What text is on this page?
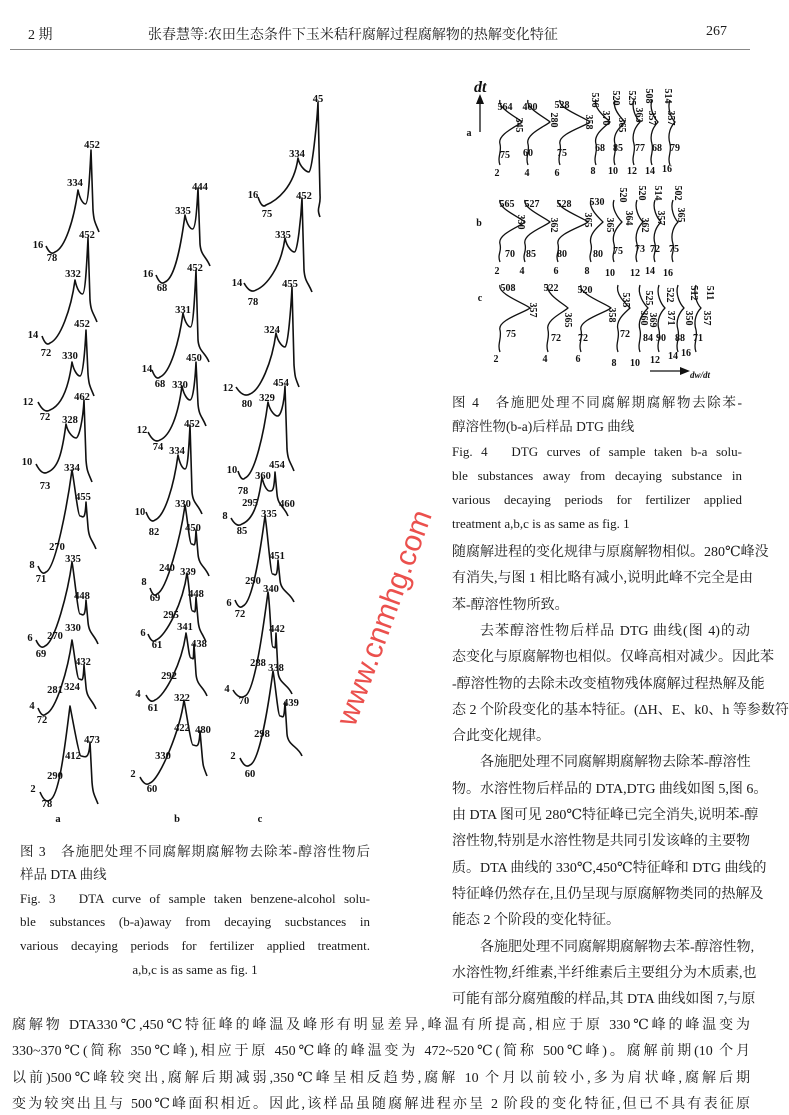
2 期	张春慧等:农田生态条件下玉米秸秆腐解过程腐解物的热解变化特征	267
452
334
16
78
452
332
14
72
452
330
12
72
462
328
10
73
334
455
270
8
71
335
448
270
330
6
69
432
281 324
4
72
473
412
290
2
78
a
444
335
16
68
452
331
14
68
450
330
12
74
452
334
330
10
82 450
240 339
8
69	448
295
6
61
341
438
292
4
61
322
422 480
330
2
60
b
45
334
16
75
452
335
14
78
455
324
12
80
454
329
454
360
10
78
295 460
335
8
85
451
290
340
6
72
442
288 338
4
70	439
298
2
60
c
564 400 528
345 280
536
358
520
370
525
365
508
363
514
357 357
75 60 75	68 85 77 68 79
2	4	6	8 10 12 14 16
a
565 527 528 530
350 362 365
520
365 364
520
362
514
357
502
365
70 85 80	80 75 73 72 75
2 4	6	8 10 12 14 16
b
508	522 520
357
365	358
535 525
360
522
369
512
371
511
350 357
75	72 72	72 84 90 88 71
2	4	6	8 10 12 14 16
c
dt
dw/dt
图 3　各施肥处理不同腐解期腐解物去除苯-醇溶性物后
样品 DTA 曲线
Fig. 3　DTA curve of sample taken benzene-alcohol solu-
ble substances (b-a)away from decaying sucbstances in
various decaying periods for fertilizer applied treatment.
a,b,c is as same as fig. 1
图 4　各施肥处理不同腐解期腐解物去除苯-
醇溶性物(b-a)后样品 DTG 曲线
Fig. 4　DTG curves of sample taken b-a solu-
ble substances away from decaying substance in
various decaying periods for fertilizer applied
treatment a,b,c is as same as fig. 1
随腐解进程的变化规律与原腐解物相似。280℃峰没
有消失,与图 1 相比略有减小,说明此峰不完全是由
苯-醇溶性物所致。
去苯醇溶性物后样品 DTG 曲线(图 4)的动
态变化与原腐解物也相似。仅峰高相对减少。因此苯
-醇溶性物的去除未改变植物残体腐解过程热解及能
态 2 个阶段变化的基本特征。(ΔH、E、k0、h 等参数符
合此变化规律。
各施肥处理不同腐解期腐解物去除苯-醇溶性
物。水溶性物后样品的 DTA,DTG 曲线如图 5,图 6。
由 DTA 图可见 280℃特征峰已完全消失,说明苯-醇
溶性物,特别是水溶性物是共同引发该峰的主要物
质。DTA 曲线的 330℃,450℃特征峰和 DTG 曲线的
特征峰仍然存在,且仍呈现与原腐解物类同的热解及
能态 2 个阶段的变化特征。
各施肥处理不同腐解期腐解物去苯-醇溶性物,
水溶性物,纤维素,半纤维素后主要组分为木质素,也
可能有部分腐殖酸的样品,其 DTA 曲线如图 7,与原
腐解物 DTA330℃,450℃特征峰的峰温及峰形有明显差异,峰温有所提高,相应于原 330℃峰的峰温变为
330~370℃(简称 350℃峰),相应于原 450℃峰的峰温变为 472~520℃(简称 500℃峰)。腐解前期(10 个月
以前)500℃峰较突出,腐解后期减弱,350℃峰呈相反趋势,腐解 10 个月以前较小,多为肩状峰,腐解后期
变为较突出且与 500℃峰面积相近。因此,该样品虽随腐解进程亦呈 2 阶段的变化特征,但已不具有表征原
www.cnmhg.com
